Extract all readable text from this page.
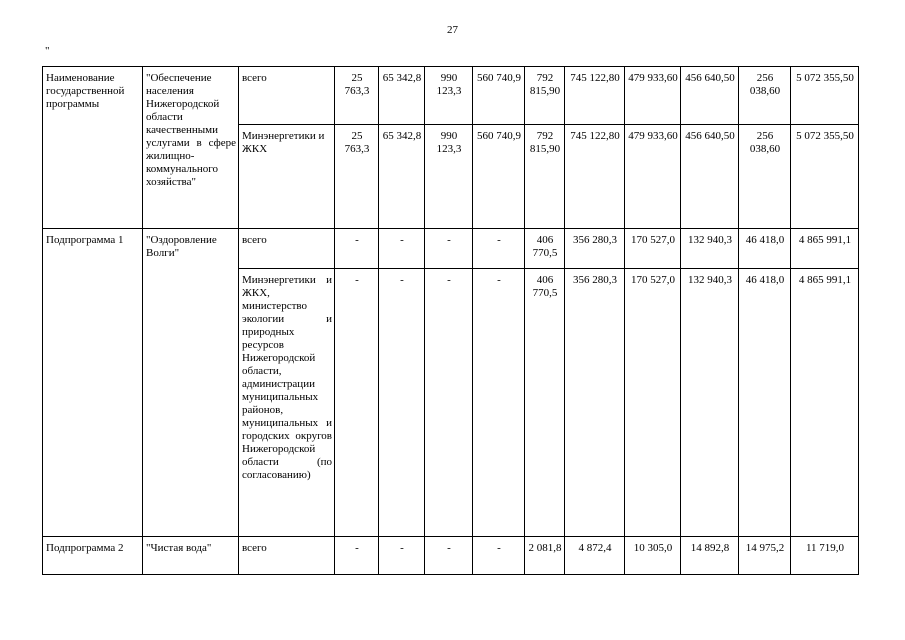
27
"
Наименование государственной программы	"Обеспечение населения Нижегородской области качественными услугами в сфере жилищно-коммунального хозяйства"	всего	25 763,3	65 342,8	990 123,3	560 740,9	792 815,90	745 122,80	479 933,60	456 640,50	256 038,60	5 072 355,50
		Минэнергетики и ЖКХ	25 763,3	65 342,8	990 123,3	560 740,9	792 815,90	745 122,80	479 933,60	456 640,50	256 038,60	5 072 355,50
Подпрограмма 1	"Оздоровление Волги"	всего	-	-	-	-	406 770,5	356 280,3	170 527,0	132 940,3	46 418,0	4 865 991,1
		Минэнергетики и ЖКХ, министерство экологии и природных ресурсов Нижегородской области, администрации муниципальных районов, муниципальных и городских округов Нижегородской области (по согласованию)	-	-	-	-	406 770,5	356 280,3	170 527,0	132 940,3	46 418,0	4 865 991,1
Подпрограмма 2	"Чистая вода"	всего	-	-	-	-	2 081,8	4 872,4	10 305,0	14 892,8	14 975,2	11 719,0
